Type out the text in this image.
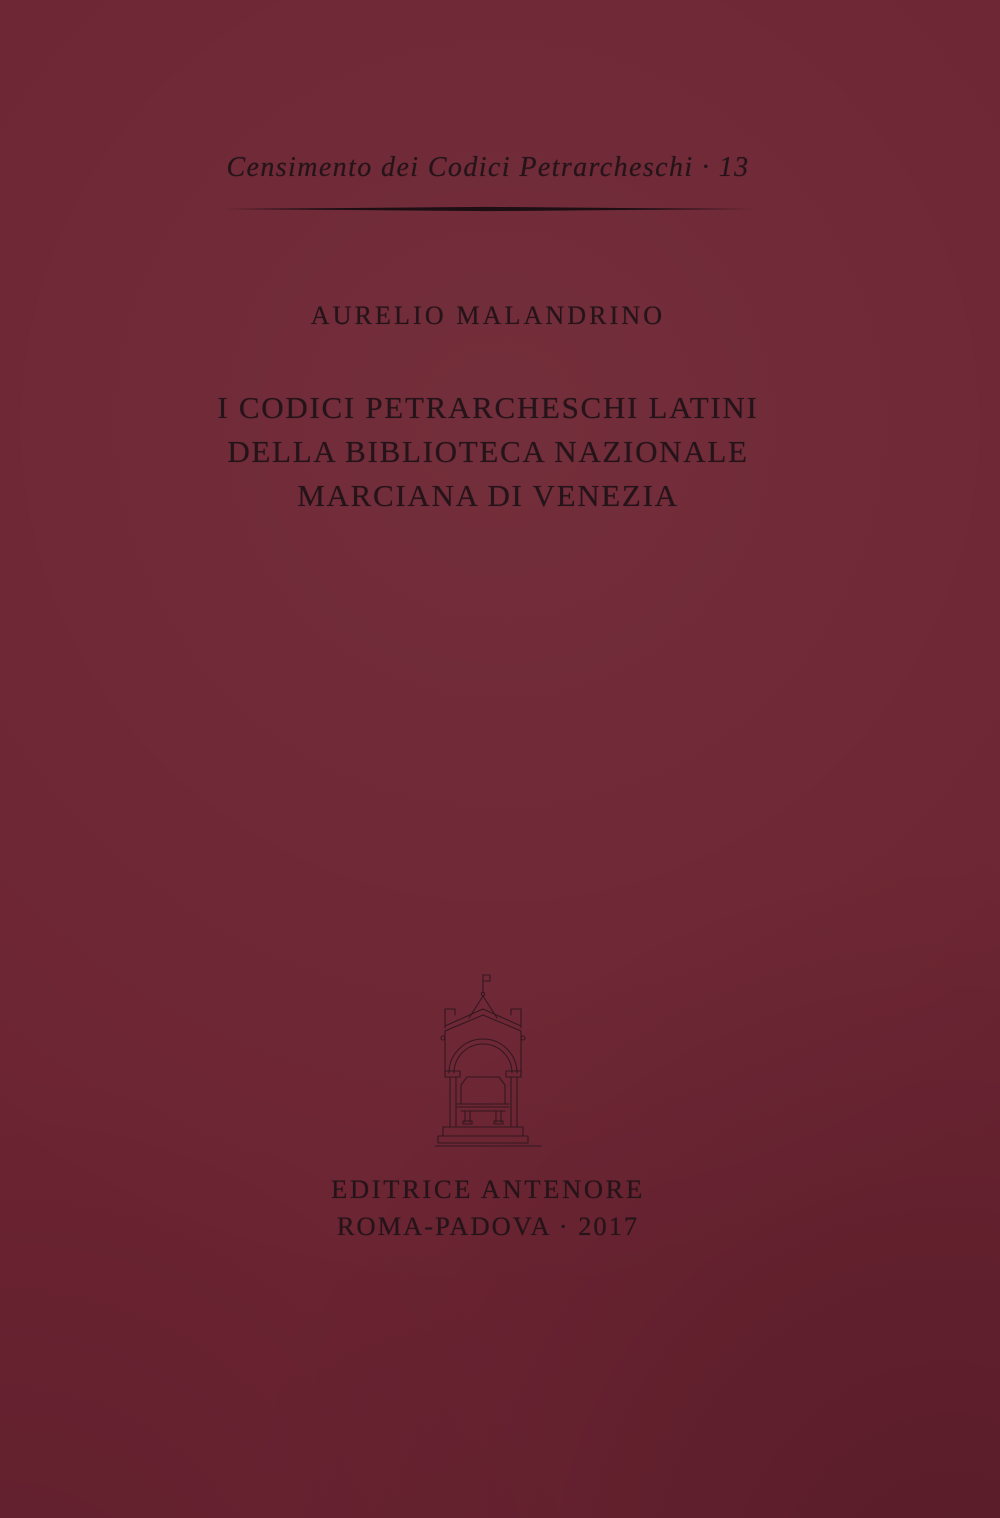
Censimento dei Codici Petrarcheschi · 13
AURELIO MALANDRINO
I CODICI PETRARCHESCHI LATINI
DELLA BIBLIOTECA NAZIONALE
MARCIANA DI VENEZIA
EDITRICE ANTENORE
ROMA-PADOVA · 2017
